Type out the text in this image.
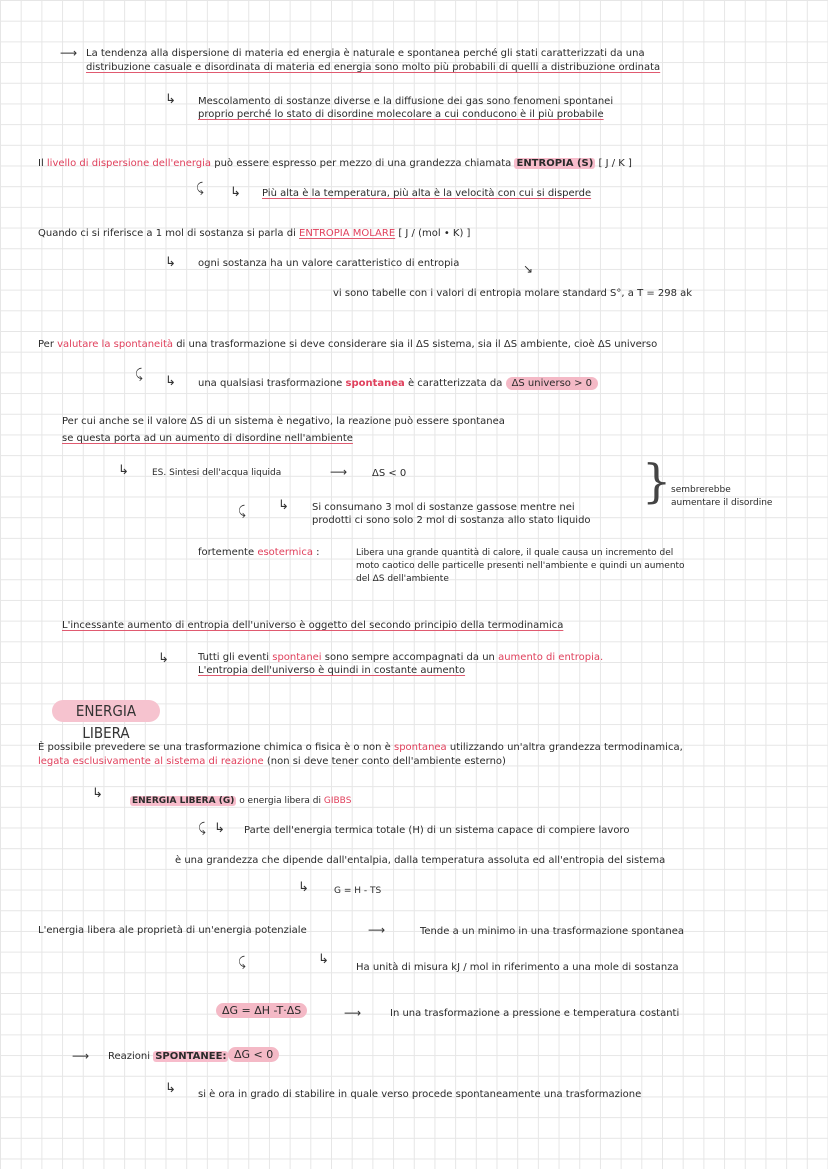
⟶ La tendenza alla dispersione di materia ed energia è naturale e spontanea perché gli stati caratterizzati da una
distribuzione casuale e disordinata di materia ed energia sono molto più probabili di quelli a distribuzione ordinata
↳ Mescolamento di sostanze diverse e la diffusione dei gas sono fenomeni spontanei
proprio perché lo stato di disordine molecolare a cui conducono è il più probabile
Il livello di dispersione dell'energia può essere espresso per mezzo di una grandezza chiamata ENTROPIA (S) [ J / K ]
⤹ ↳ Più alta è la temperatura, più alta è la velocità con cui si disperde
Quando ci si riferisce a 1 mol di sostanza si parla di ENTROPIA MOLARE [ J / (mol • K) ]
↳ ogni sostanza ha un valore caratteristico di entropia	↘
vi sono tabelle con i valori di entropia molare standard S°, a T = 298 ak
Per valutare la spontaneità di una trasformazione si deve considerare sia il ΔS sistema, sia il ΔS ambiente, cioè ΔS universo
⤹ ↳ una qualsiasi trasformazione spontanea è caratterizzata da ΔS universo > 0
Per cui anche se il valore ΔS di un sistema è negativo, la reazione può essere spontanea
se questa porta ad un aumento di disordine nell'ambiente
↳	ES. Sintesi dell'acqua liquida	⟶ ΔS < 0
↳ Si consumano 3 mol di sostanze gassose mentre nei
prodotti ci sono solo 2 mol di sostanza allo stato liquido
⤹
} sembrerebbe
aumentare il disordine
fortemente esotermica :	Libera una grande quantità di calore, il quale causa un incremento del
moto caotico delle particelle presenti nell'ambiente e quindi un aumento
del ΔS dell'ambiente
L'incessante aumento di entropia dell'universo è oggetto del secondo principio della termodinamica
↳	Tutti gli eventi spontanei sono sempre accompagnati da un aumento di entropia.
L'entropia dell'universo è quindi in costante aumento
ENERGIA LIBERA
È possibile prevedere se una trasformazione chimica o fisica è o non è spontanea utilizzando un'altra grandezza termodinamica,
legata esclusivamente al sistema di reazione (non si deve tener conto dell'ambiente esterno)
↳	ENERGIA LIBERA (G) o energia libera di GIBBS
⤹ ↳ Parte dell'energia termica totale (H) di un sistema capace di compiere lavoro
è una grandezza che dipende dall'entalpia, dalla temperatura assoluta ed all'entropia del sistema
↳	G = H - TS
L'energia libera ale proprietà di un'energia potenziale	⟶	Tende a un minimo in una trasformazione spontanea
⤹	↳
Ha unità di misura kJ / mol in riferimento a una mole di sostanza
ΔG = ΔH -T·ΔS	⟶	In una trasformazione a pressione e temperatura costanti
⟶ Reazioni SPONTANEE: ΔG < 0
↳ si è ora in grado di stabilire in quale verso procede spontaneamente una trasformazione
